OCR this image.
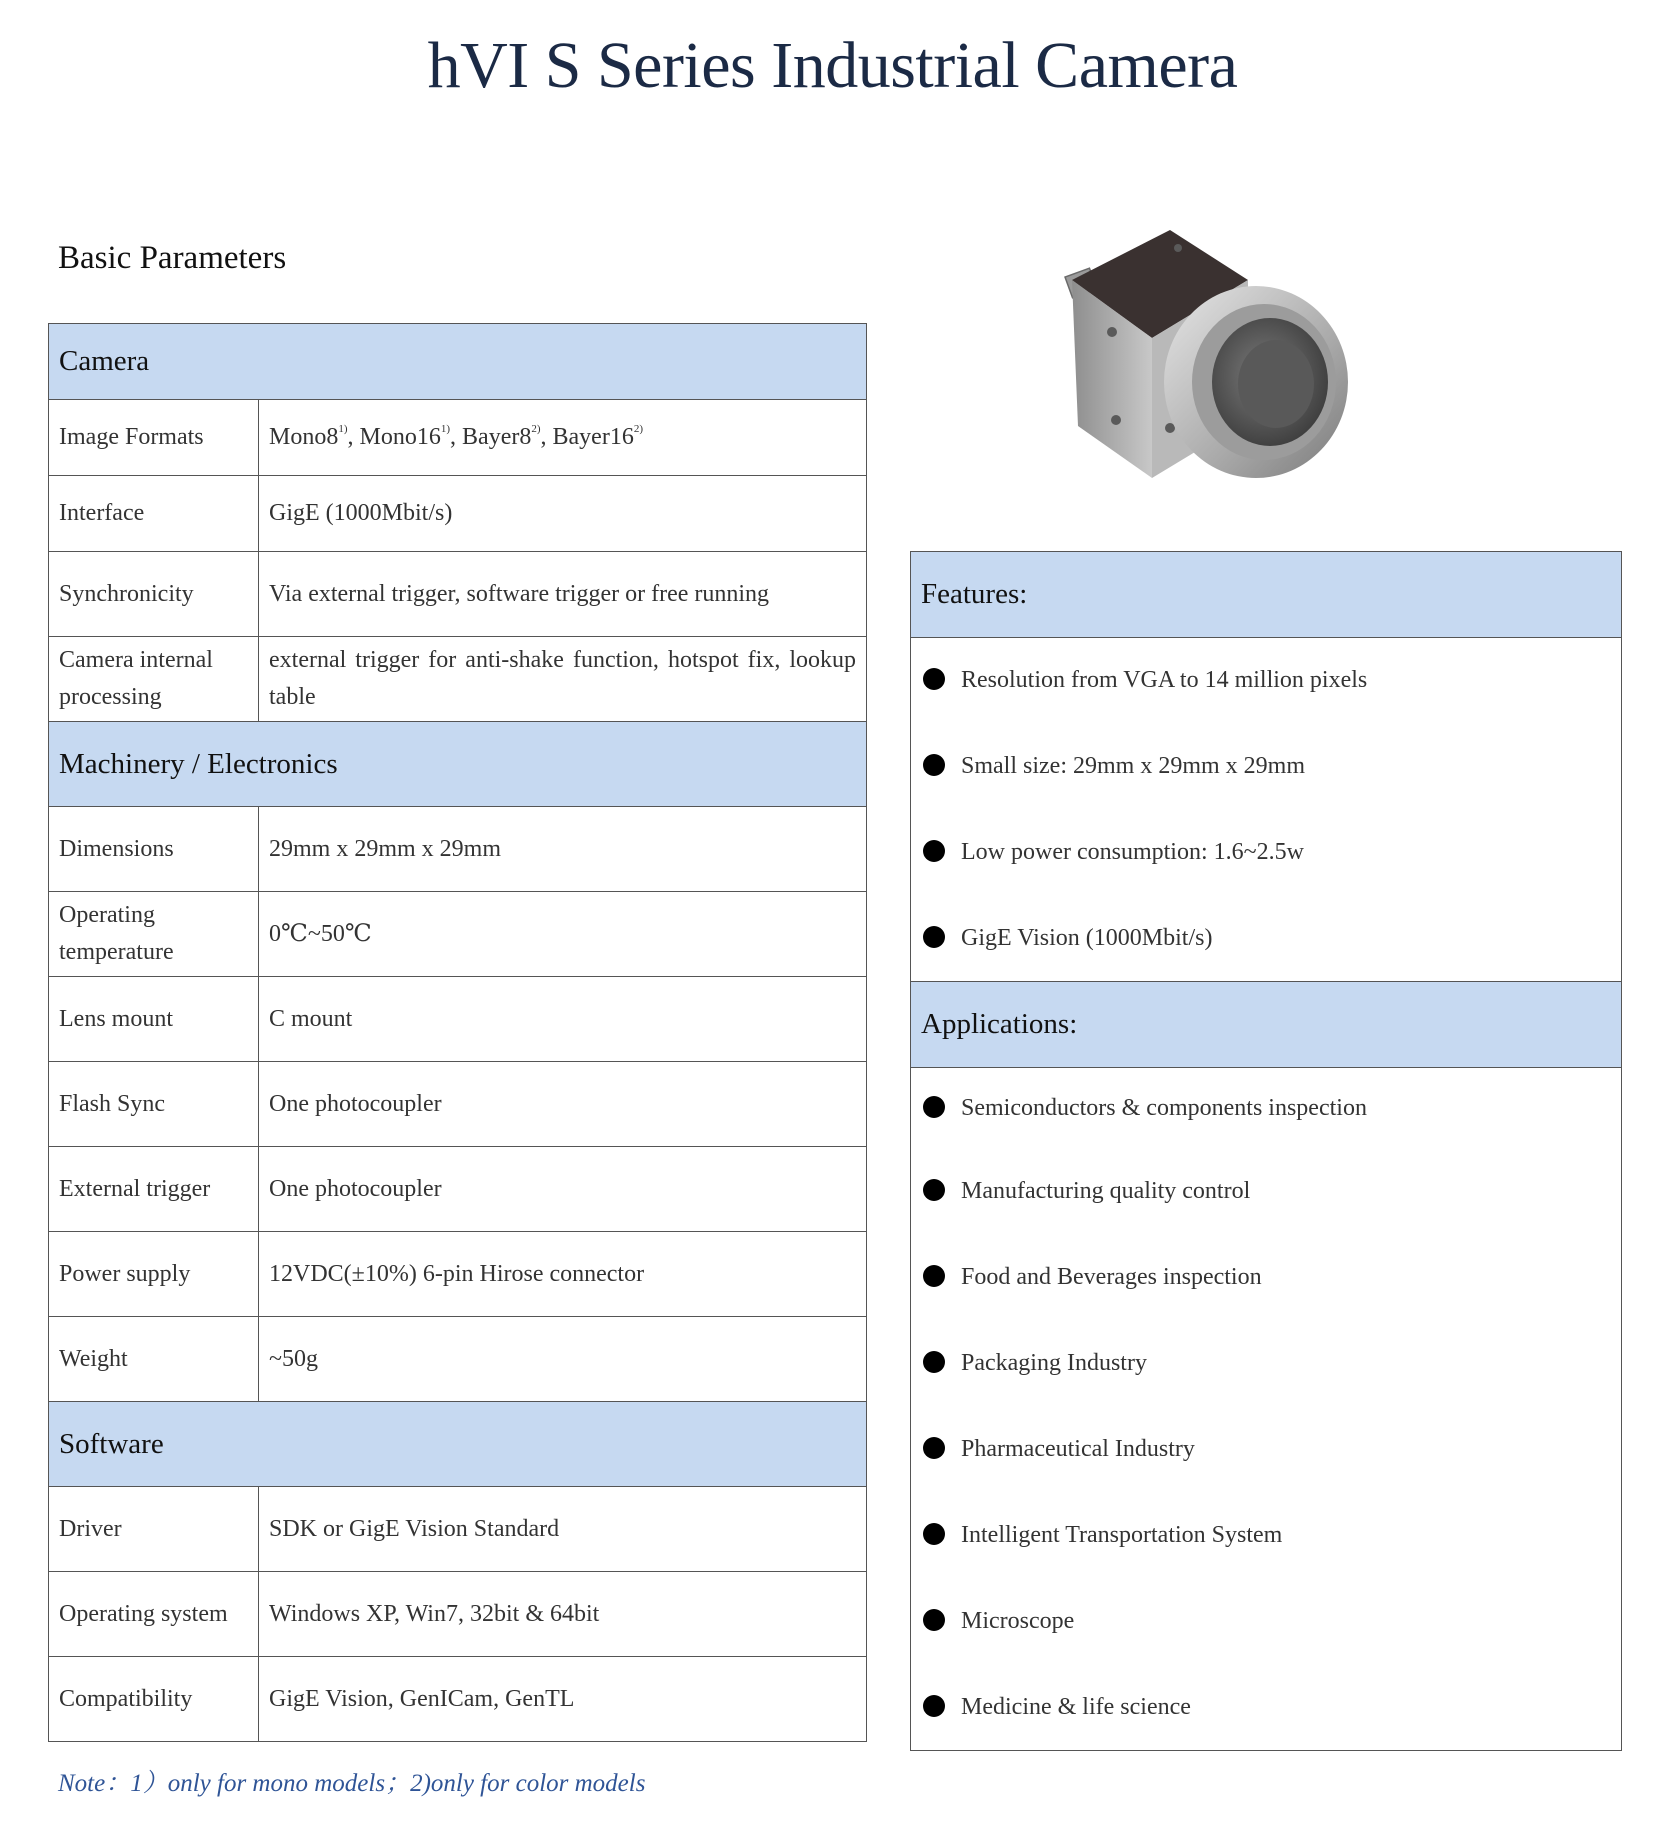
hVI S Series Industrial Camera
Basic Parameters
Camera	
Image Formats	Mono8$^{1)}$, Mono16$^{1)}$, Bayer8$^{2)}$, Bayer16$^{2)}$
Interface	GigE (1000Mbit/s)
Synchronicity	Via external trigger, software trigger or free running
Camera internal processing	external trigger for anti-shake function, hotspot fix, lookup table
Machinery / Electronics	
Dimensions	29mm x 29mm x 29mm
Operating temperature	0℃~50℃
Lens mount	C mount
Flash Sync	One photocoupler
External trigger	One photocoupler
Power supply	12VDC(±10%) 6-pin Hirose connector
Weight	~50g
Software	
Driver	SDK or GigE Vision Standard
Operating system	Windows XP, Win7, 32bit & 64bit
Compatibility	GigE Vision, GenICam, GenTL
Features:
Resolution from VGA to 14 million pixels
Small size: 29mm x 29mm x 29mm
Low power consumption: 1.6~2.5w
GigE Vision (1000Mbit/s)
Applications:
Semiconductors & components inspection
Manufacturing quality control
Food and Beverages inspection
Packaging Industry
Pharmaceutical Industry
Intelligent Transportation System
Microscope
Medicine & life science
Note：1）only for mono models；2)only for color models
